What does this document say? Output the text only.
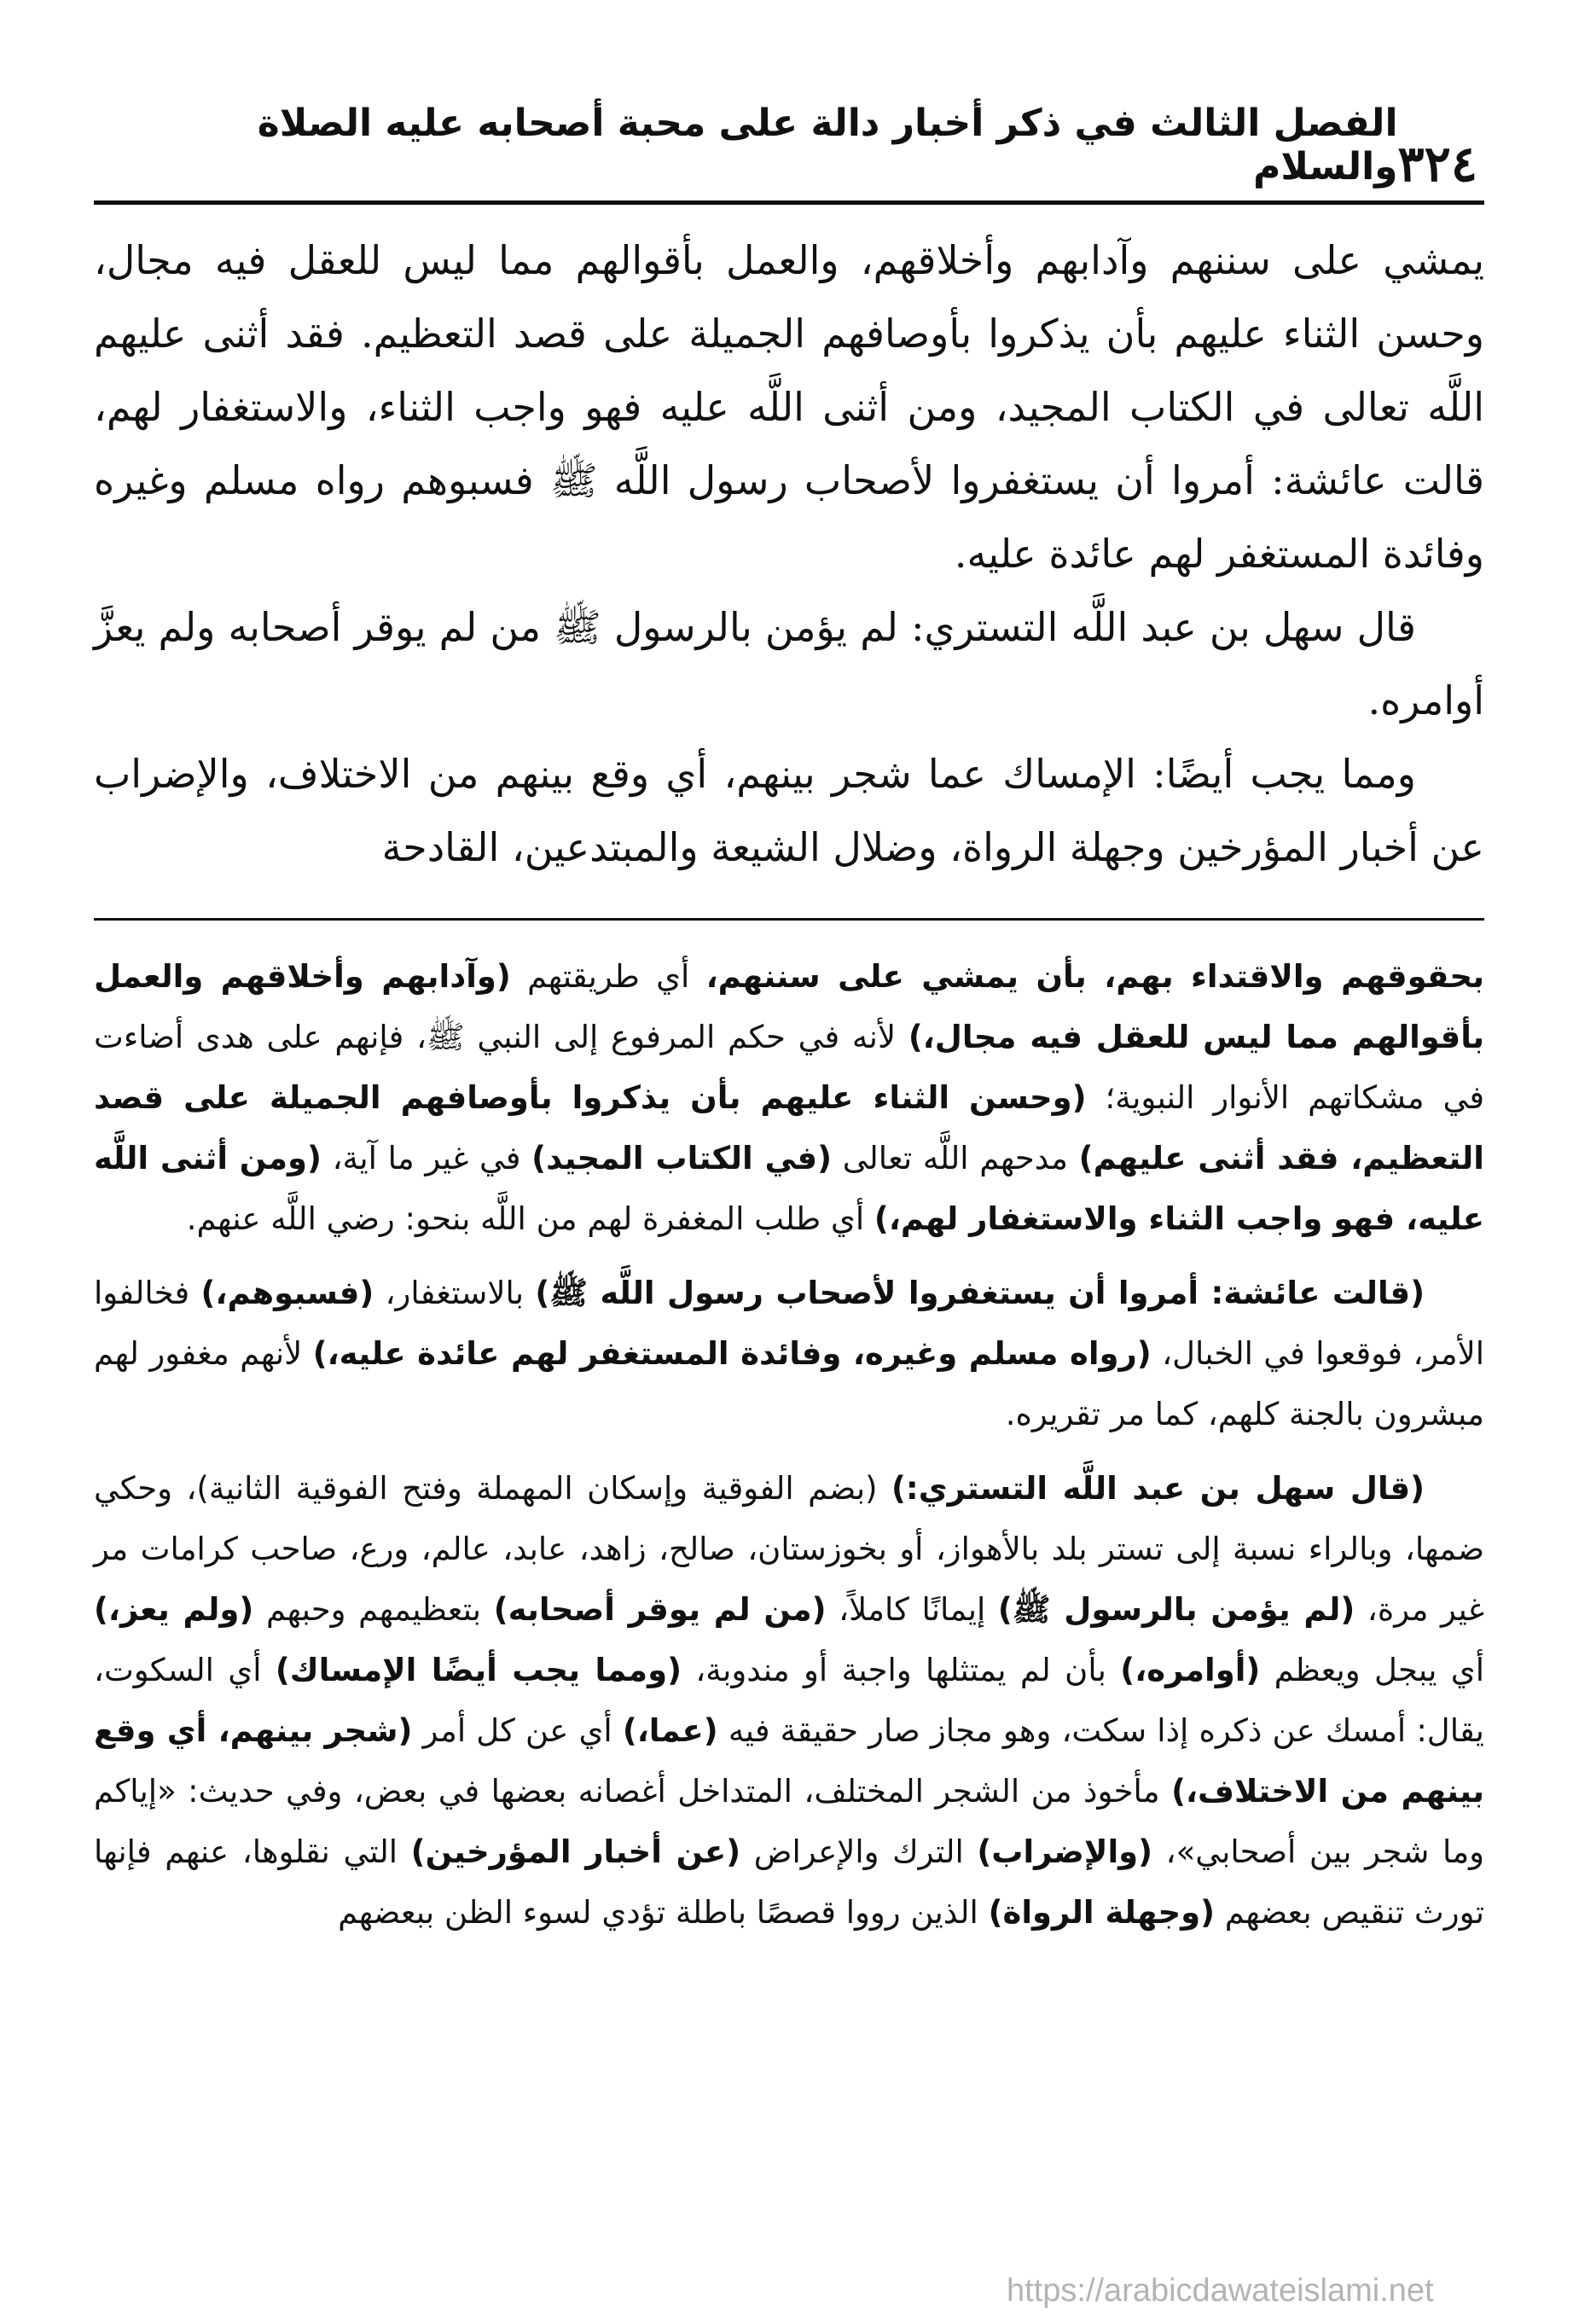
٣٢٤
الفصل الثالث في ذكر أخبار دالة على محبة أصحابه عليه الصلاة والسلام

يمشي على سننهم وآدابهم وأخلاقهم، والعمل بأقوالهم مما ليس للعقل فيه مجال، وحسن الثناء عليهم بأن يذكروا بأوصافهم الجميلة على قصد التعظيم. فقد أثنى عليهم اللَّه تعالى في الكتاب المجيد، ومن أثنى اللَّه عليه فهو واجب الثناء، والاستغفار لهم، قالت عائشة: أمروا أن يستغفروا لأصحاب رسول اللَّه ﷺ فسبوهم رواه مسلم وغيره وفائدة المستغفر لهم عائدة عليه.

قال سهل بن عبد اللَّه التستري: لم يؤمن بالرسول ﷺ من لم يوقر أصحابه ولم يعزَّ أوامره.

ومما يجب أيضًا: الإمساك عما شجر بينهم، أي وقع بينهم من الاختلاف، والإضراب عن أخبار المؤرخين وجهلة الرواة، وضلال الشيعة والمبتدعين، القادحة

بحقوقهم والاقتداء بهم، بأن يمشي على سننهم، أي طريقتهم (وآدابهم وأخلاقهم والعمل بأقوالهم مما ليس للعقل فيه مجال،) لأنه في حكم المرفوع إلى النبي ﷺ، فإنهم على هدى أضاءت في مشكاتهم الأنوار النبوية؛ (وحسن الثناء عليهم بأن يذكروا بأوصافهم الجميلة على قصد التعظيم، فقد أثنى عليهم) مدحهم اللَّه تعالى (في الكتاب المجيد) في غير ما آية، (ومن أثنى اللَّه عليه، فهو واجب الثناء والاستغفار لهم،) أي طلب المغفرة لهم من اللَّه بنحو: رضي اللَّه عنهم.

(قالت عائشة: أمروا أن يستغفروا لأصحاب رسول اللَّه ﷺ) بالاستغفار، (فسبوهم،) فخالفوا الأمر، فوقعوا في الخبال، (رواه مسلم وغيره، وفائدة المستغفر لهم عائدة عليه،) لأنهم مغفور لهم مبشرون بالجنة كلهم، كما مر تقريره.

(قال سهل بن عبد اللَّه التستري:) (بضم الفوقية وإسكان المهملة وفتح الفوقية الثانية)، وحكي ضمها، وبالراء نسبة إلى تستر بلد بالأهواز، أو بخوزستان، صالح، زاهد، عابد، عالم، ورع، صاحب كرامات مر غير مرة، (لم يؤمن بالرسول ﷺ) إيمانًا كاملاً، (من لم يوقر أصحابه) بتعظيمهم وحبهم (ولم يعز،) أي يبجل ويعظم (أوامره،) بأن لم يمتثلها واجبة أو مندوبة، (ومما يجب أيضًا الإمساك) أي السكوت، يقال: أمسك عن ذكره إذا سكت، وهو مجاز صار حقيقة فيه (عما،) أي عن كل أمر (شجر بينهم، أي وقع بينهم من الاختلاف،) مأخوذ من الشجر المختلف، المتداخل أغصانه بعضها في بعض، وفي حديث: «إياكم وما شجر بين أصحابي»، (والإضراب) الترك والإعراض (عن أخبار المؤرخين) التي نقلوها، عنهم فإنها تورث تنقيص بعضهم (وجهلة الرواة) الذين رووا قصصًا باطلة تؤدي لسوء الظن ببعضهم

https://arabicdawateislami.net
